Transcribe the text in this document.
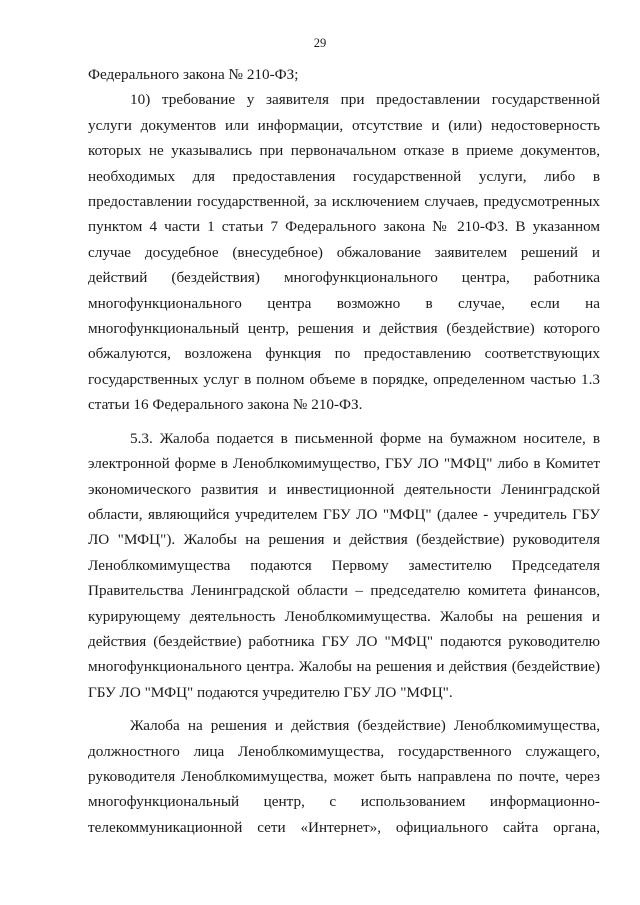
29

Федерального закона № 210-ФЗ;

10) требование у заявителя при предоставлении государственной услуги документов или информации, отсутствие и (или) недостоверность которых не указывались при первоначальном отказе в приеме документов, необходимых для предоставления государственной услуги, либо в предоставлении государственной, за исключением случаев, предусмотренных пунктом 4 части 1 статьи 7 Федерального закона № 210-ФЗ. В указанном случае досудебное (внесудебное) обжалование заявителем решений и действий (бездействия) многофункционального центра, работника многофункционального центра возможно в случае, если на многофункциональный центр, решения и действия (бездействие) которого обжалуются, возложена функция по предоставлению соответствующих государственных услуг в полном объеме в порядке, определенном частью 1.3 статьи 16 Федерального закона № 210-ФЗ.

5.3. Жалоба подается в письменной форме на бумажном носителе, в электронной форме в Леноблкомимущество, ГБУ ЛО "МФЦ" либо в Комитет экономического развития и инвестиционной деятельности Ленинградской области, являющийся учредителем ГБУ ЛО "МФЦ" (далее - учредитель ГБУ ЛО "МФЦ"). Жалобы на решения и действия (бездействие) руководителя Леноблкомимущества подаются Первому заместителю Председателя Правительства Ленинградской области – председателю комитета финансов, курирующему деятельность Леноблкомимущества. Жалобы на решения и действия (бездействие) работника ГБУ ЛО "МФЦ" подаются руководителю многофункционального центра. Жалобы на решения и действия (бездействие) ГБУ ЛО "МФЦ" подаются учредителю ГБУ ЛО "МФЦ".

Жалоба на решения и действия (бездействие) Леноблкомимущества, должностного лица Леноблкомимущества, государственного служащего, руководителя Леноблкомимущества, может быть направлена по почте, через многофункциональный центр, с использованием информационно-телекоммуникационной сети «Интернет», официального сайта органа,
